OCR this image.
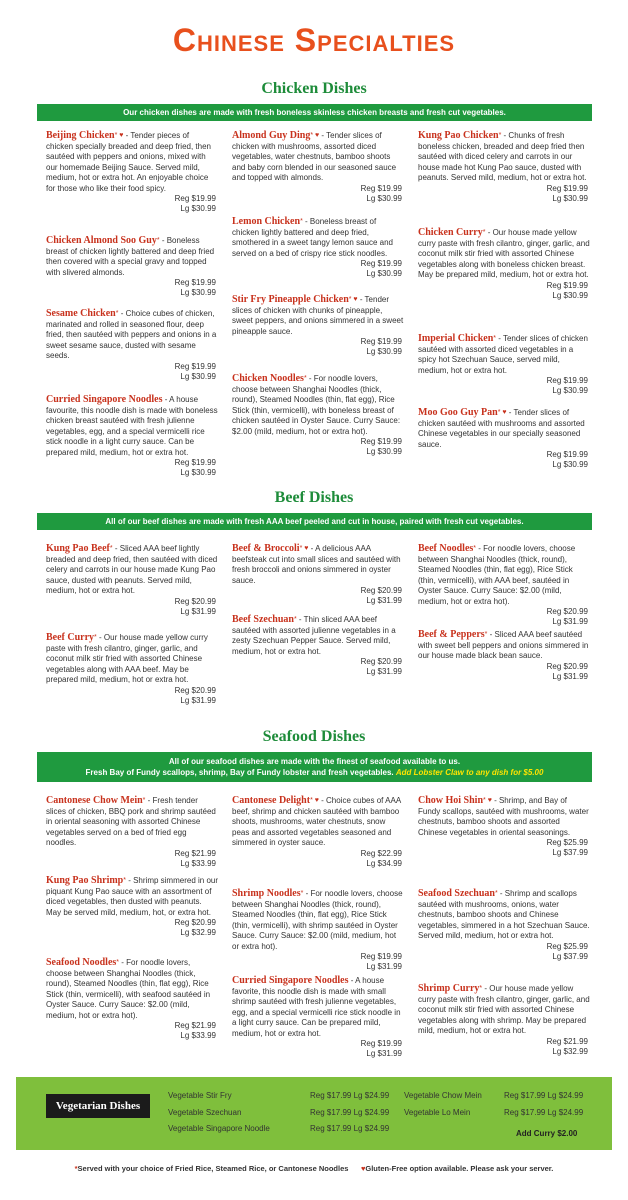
Chinese Specialties
Chicken Dishes
Our chicken dishes are made with fresh boneless skinless chicken breasts and fresh cut vegetables.
Beijing Chicken* ♥ - Tender pieces of chicken specially breaded and deep fried, then sautéed with peppers and onions, mixed with our homemade Beijing Sauce. Served mild, medium, hot or extra hot. An enjoyable choice for those who like their food spicy.
Reg $19.99
Lg $30.99
Chicken Almond Soo Guy* - Boneless breast of chicken lightly battered and deep fried then covered with a special gravy and topped with slivered almonds.
Reg $19.99
Lg $30.99
Sesame Chicken* - Choice cubes of chicken, marinated and rolled in seasoned flour, deep fried, then sautéed with peppers and onions in a sweet sesame sauce, dusted with sesame seeds.
Reg $19.99
Lg $30.99
Curried Singapore Noodles - A house favourite, this noodle dish is made with boneless chicken breast sautéed with fresh julienne vegetables, egg, and a special vermicelli rice stick noodle in a light curry sauce. Can be prepared mild, medium, hot or extra hot.
Reg $19.99
Lg $30.99
Almond Guy Ding* ♥ - Tender slices of chicken with mushrooms, assorted diced vegetables, water chestnuts, bamboo shoots and baby corn blended in our seasoned sauce and topped with almonds.
Reg $19.99
Lg $30.99
Lemon Chicken* - Boneless breast of chicken lightly battered and deep fried, smothered in a sweet tangy lemon sauce and served on a bed of crispy rice stick noodles.
Reg $19.99
Lg $30.99
Stir Fry Pineapple Chicken* ♥ - Tender slices of chicken with chunks of pineapple, sweet peppers, and onions simmered in a sweet pineapple sauce.
Reg $19.99
Lg $30.99
Chicken Noodles* - For noodle lovers, choose between Shanghai Noodles (thick, round), Steamed Noodles (thin, flat egg), Rice Stick (thin, vermicelli), with boneless breast of chicken sautéed in Oyster Sauce. Curry Sauce: $2.00 (mild, medium, hot or extra hot).
Reg $19.99
Lg $30.99
Kung Pao Chicken* - Chunks of fresh boneless chicken, breaded and deep fried then sautéed with diced celery and carrots in our house made hot Kung Pao sauce, dusted with peanuts. Served mild, medium, hot or extra hot.
Reg $19.99
Lg $30.99
Chicken Curry* - Our house made yellow curry paste with fresh cilantro, ginger, garlic, and coconut milk stir fried with assorted Chinese vegetables along with boneless chicken breast. May be prepared mild, medium, hot or extra hot.
Reg $19.99
Lg $30.99
Imperial Chicken* - Tender slices of chicken sautéed with assorted diced vegetables in a spicy hot Szechuan Sauce, served mild, medium, hot or extra hot.
Reg $19.99
Lg $30.99
Moo Goo Guy Pan* ♥ - Tender slices of chicken sautéed with mushrooms and assorted Chinese vegetables in our specially seasoned sauce.
Reg $19.99
Lg $30.99
Beef Dishes
All of our beef dishes are made with fresh AAA beef peeled and cut in house, paired with fresh cut vegetables.
Kung Pao Beef* - Sliced AAA beef lightly breaded and deep fried, then sautéed with diced celery and carrots in our house made Kung Pao sauce, dusted with peanuts. Served mild, medium, hot or extra hot.
Reg $20.99
Lg $31.99
Beef Curry* - Our house made yellow curry paste with fresh cilantro, ginger, garlic, and coconut milk stir fried with assorted Chinese vegetables along with AAA beef. May be prepared mild, medium, hot or extra hot.
Reg $20.99
Lg $31.99
Beef & Broccoli* ♥ - A delicious AAA beefsteak cut into small slices and sautéed with fresh broccoli and onions simmered in oyster sauce.
Reg $20.99
Lg $31.99
Beef Szechuan* - Thin sliced AAA beef sautéed with assorted julienne vegetables in a zesty Szechuan Pepper Sauce. Served mild, medium, hot or extra hot.
Reg $20.99
Lg $31.99
Beef Noodles* - For noodle lovers, choose between Shanghai Noodles (thick, round), Steamed Noodles (thin, flat egg), Rice Stick (thin, vermicelli), with AAA beef, sautéed in Oyster Sauce. Curry Sauce: $2.00 (mild, medium, hot or extra hot).
Reg $20.99
Lg $31.99
Beef & Peppers* - Sliced AAA beef sautéed with sweet bell peppers and onions simmered in our house made black bean sauce.
Reg $20.99
Lg $31.99
Seafood Dishes
All of our seafood dishes are made with the finest of seafood available to us.
Fresh Bay of Fundy scallops, shrimp, Bay of Fundy lobster and fresh vegetables. Add Lobster Claw to any dish for $5.00
Cantonese Chow Mein* - Fresh tender slices of chicken, BBQ pork and shrimp sautéed in oriental seasoning with assorted Chinese vegetables served on a bed of fried egg noodles.
Reg $21.99
Lg $33.99
Kung Pao Shrimp* - Shrimp simmered in our piquant Kung Pao sauce with an assortment of diced vegetables, then dusted with peanuts. May be served mild, medium, hot, or extra hot.
Reg $20.99
Lg $32.99
Seafood Noodles* - For noodle lovers, choose between Shanghai Noodles (thick, round), Steamed Noodles (thin, flat egg), Rice Stick (thin, vermicelli), with seafood sautéed in Oyster Sauce. Curry Sauce: $2.00 (mild, medium, hot or extra hot).
Reg $21.99
Lg $33.99
Cantonese Delight* ♥ - Choice cubes of AAA beef, shrimp and chicken sautéed with bamboo shoots, mushrooms, water chestnuts, snow peas and assorted vegetables seasoned and simmered in oyster sauce.
Reg $22.99
Lg $34.99
Shrimp Noodles* - For noodle lovers, choose between Shanghai Noodles (thick, round), Steamed Noodles (thin, flat egg), Rice Stick (thin, vermicelli), with shrimp sautéed in Oyster Sauce. Curry Sauce: $2.00 (mild, medium, hot or extra hot).
Reg $19.99
Lg $31.99
Curried Singapore Noodles - A house favorite, this noodle dish is made with small shrimp sautéed with fresh julienne vegetables, egg, and a special vermicelli rice stick noodle in a light curry sauce. Can be prepared mild, medium, hot or extra hot.
Reg $19.99
Lg $31.99
Chow Hoi Shin* ♥ - Shrimp, and Bay of Fundy scallops, sautéed with mushrooms, water chestnuts, bamboo shoots and assorted Chinese vegetables in oriental seasonings.
Reg $25.99
Lg $37.99
Seafood Szechuan* - Shrimp and scallops sautéed with mushrooms, onions, water chestnuts, bamboo shoots and Chinese vegetables, simmered in a hot Szechuan Sauce. Served mild, medium, hot or extra hot.
Reg $25.99
Lg $37.99
Shrimp Curry* - Our house made yellow curry paste with fresh cilantro, ginger, garlic, and coconut milk stir fried with assorted Chinese vegetables along with shrimp. May be prepared mild, medium, hot or extra hot.
Reg $21.99
Lg $32.99
Vegetarian Dishes
Vegetable Stir Fry	Reg $17.99 Lg $24.99
Vegetable Szechuan	Reg $17.99 Lg $24.99
Vegetable Singapore Noodle	Reg $17.99 Lg $24.99
Vegetable Chow Mein	Reg $17.99 Lg $24.99
Vegetable Lo Mein	Reg $17.99 Lg $24.99
Add Curry $2.00
*Served with your choice of Fried Rice, Steamed Rice, or Cantonese Noodles ♥Gluten-Free option available. Please ask your server.
